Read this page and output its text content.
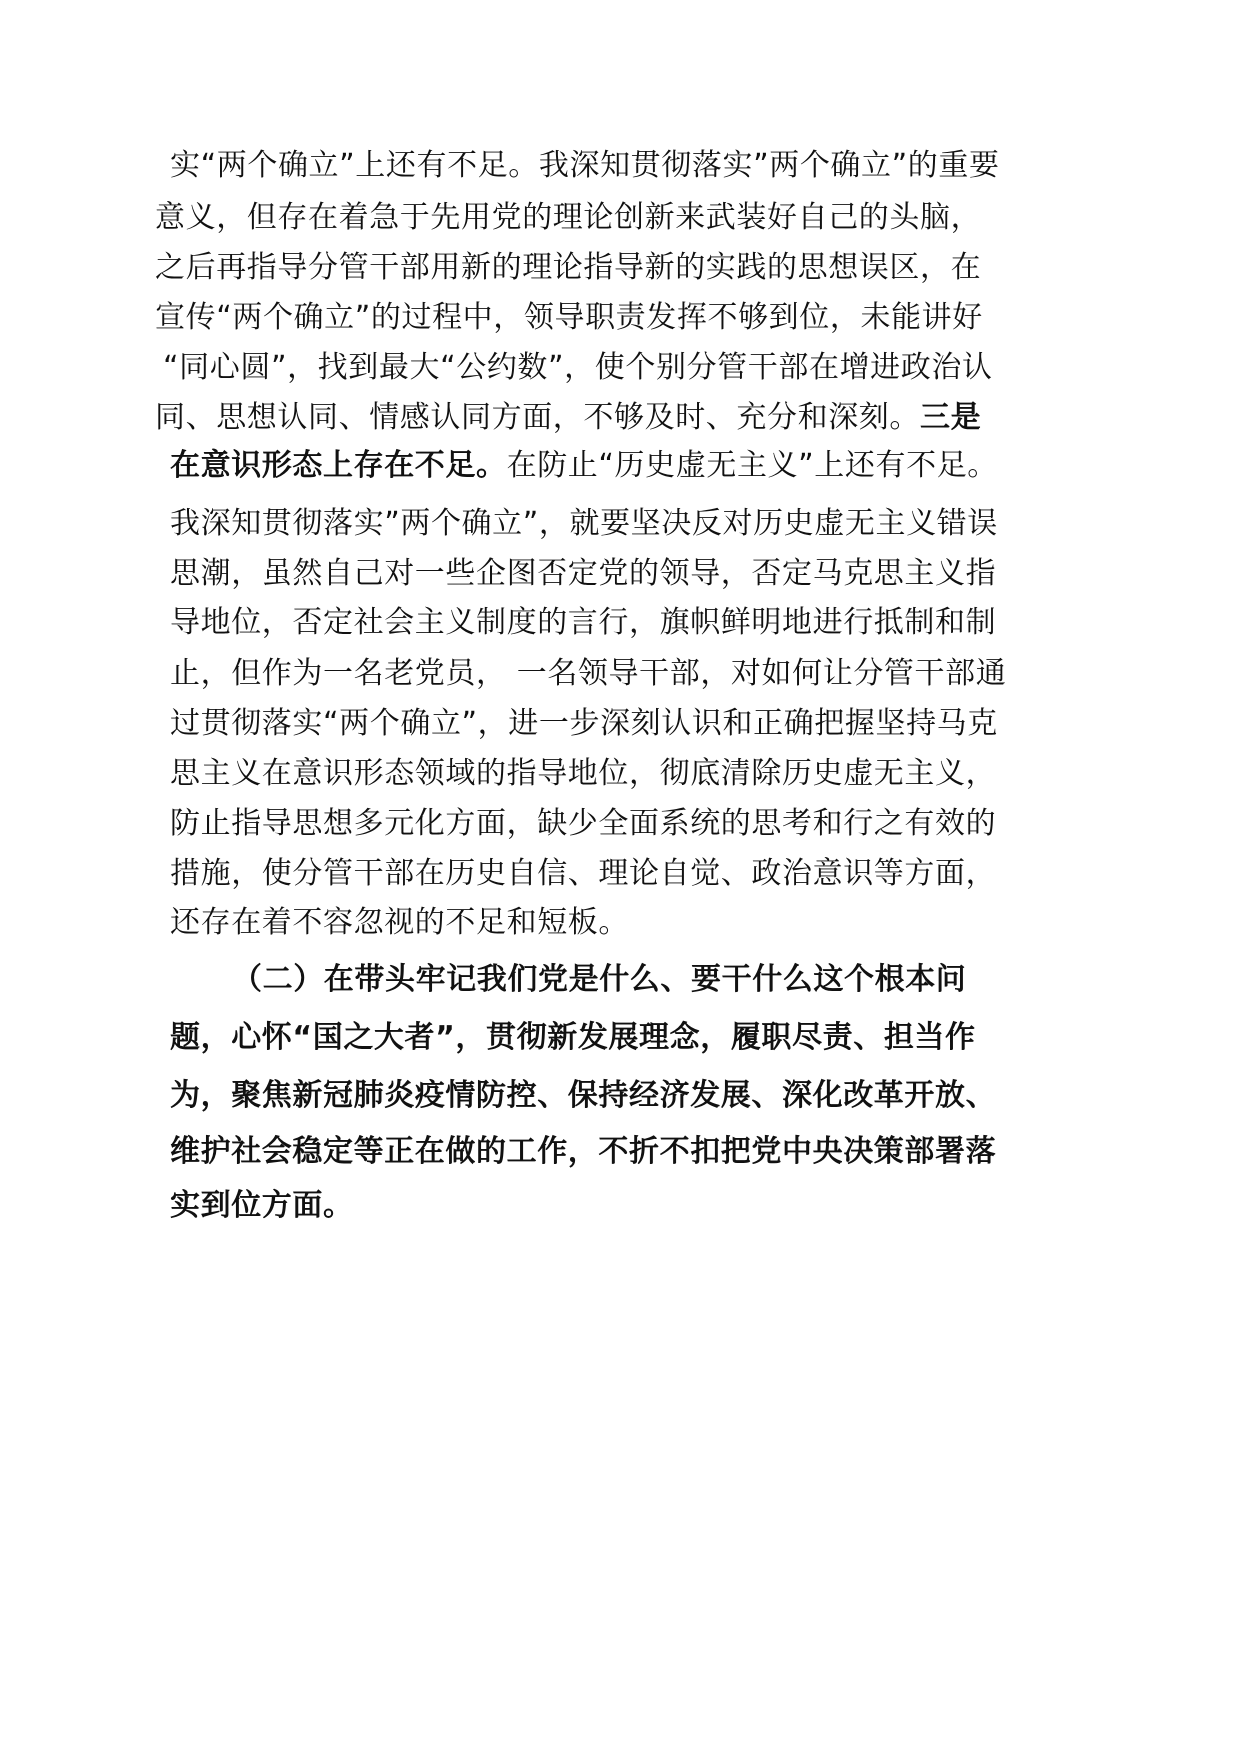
实“两个确立”上还有不足。我深知贯彻落实”两个确立”的重要
意义，但存在着急于先用党的理论创新来武装好自己的头脑，
之后再指导分管干部用新的理论指导新的实践的思想误区，在
宣传“两个确立”的过程中，领导职责发挥不够到位，未能讲好
“同心圆”，找到最大“公约数”，使个别分管干部在增进政治认
同、思想认同、情感认同方面，不够及时、充分和深刻。三是
在意识形态上存在不足。在防止“历史虚无主义”上还有不足。
我深知贯彻落实”两个确立”，就要坚决反对历史虚无主义错误
思潮，虽然自己对一些企图否定党的领导，否定马克思主义指
导地位，否定社会主义制度的言行，旗帜鲜明地进行抵制和制
止，但作为一名老党员， 一名领导干部，对如何让分管干部通
过贯彻落实“两个确立”，进一步深刻认识和正确把握坚持马克
思主义在意识形态领域的指导地位，彻底清除历史虚无主义，
防止指导思想多元化方面，缺少全面系统的思考和行之有效的
措施，使分管干部在历史自信、理论自觉、政治意识等方面，
还存在着不容忽视的不足和短板。
（二）在带头牢记我们党是什么、要干什么这个根本问
题，心怀“国之大者”，贯彻新发展理念，履职尽责、担当作
为，聚焦新冠肺炎疫情防控、保持经济发展、深化改革开放、
维护社会稳定等正在做的工作，不折不扣把党中央决策部署落
实到位方面。
